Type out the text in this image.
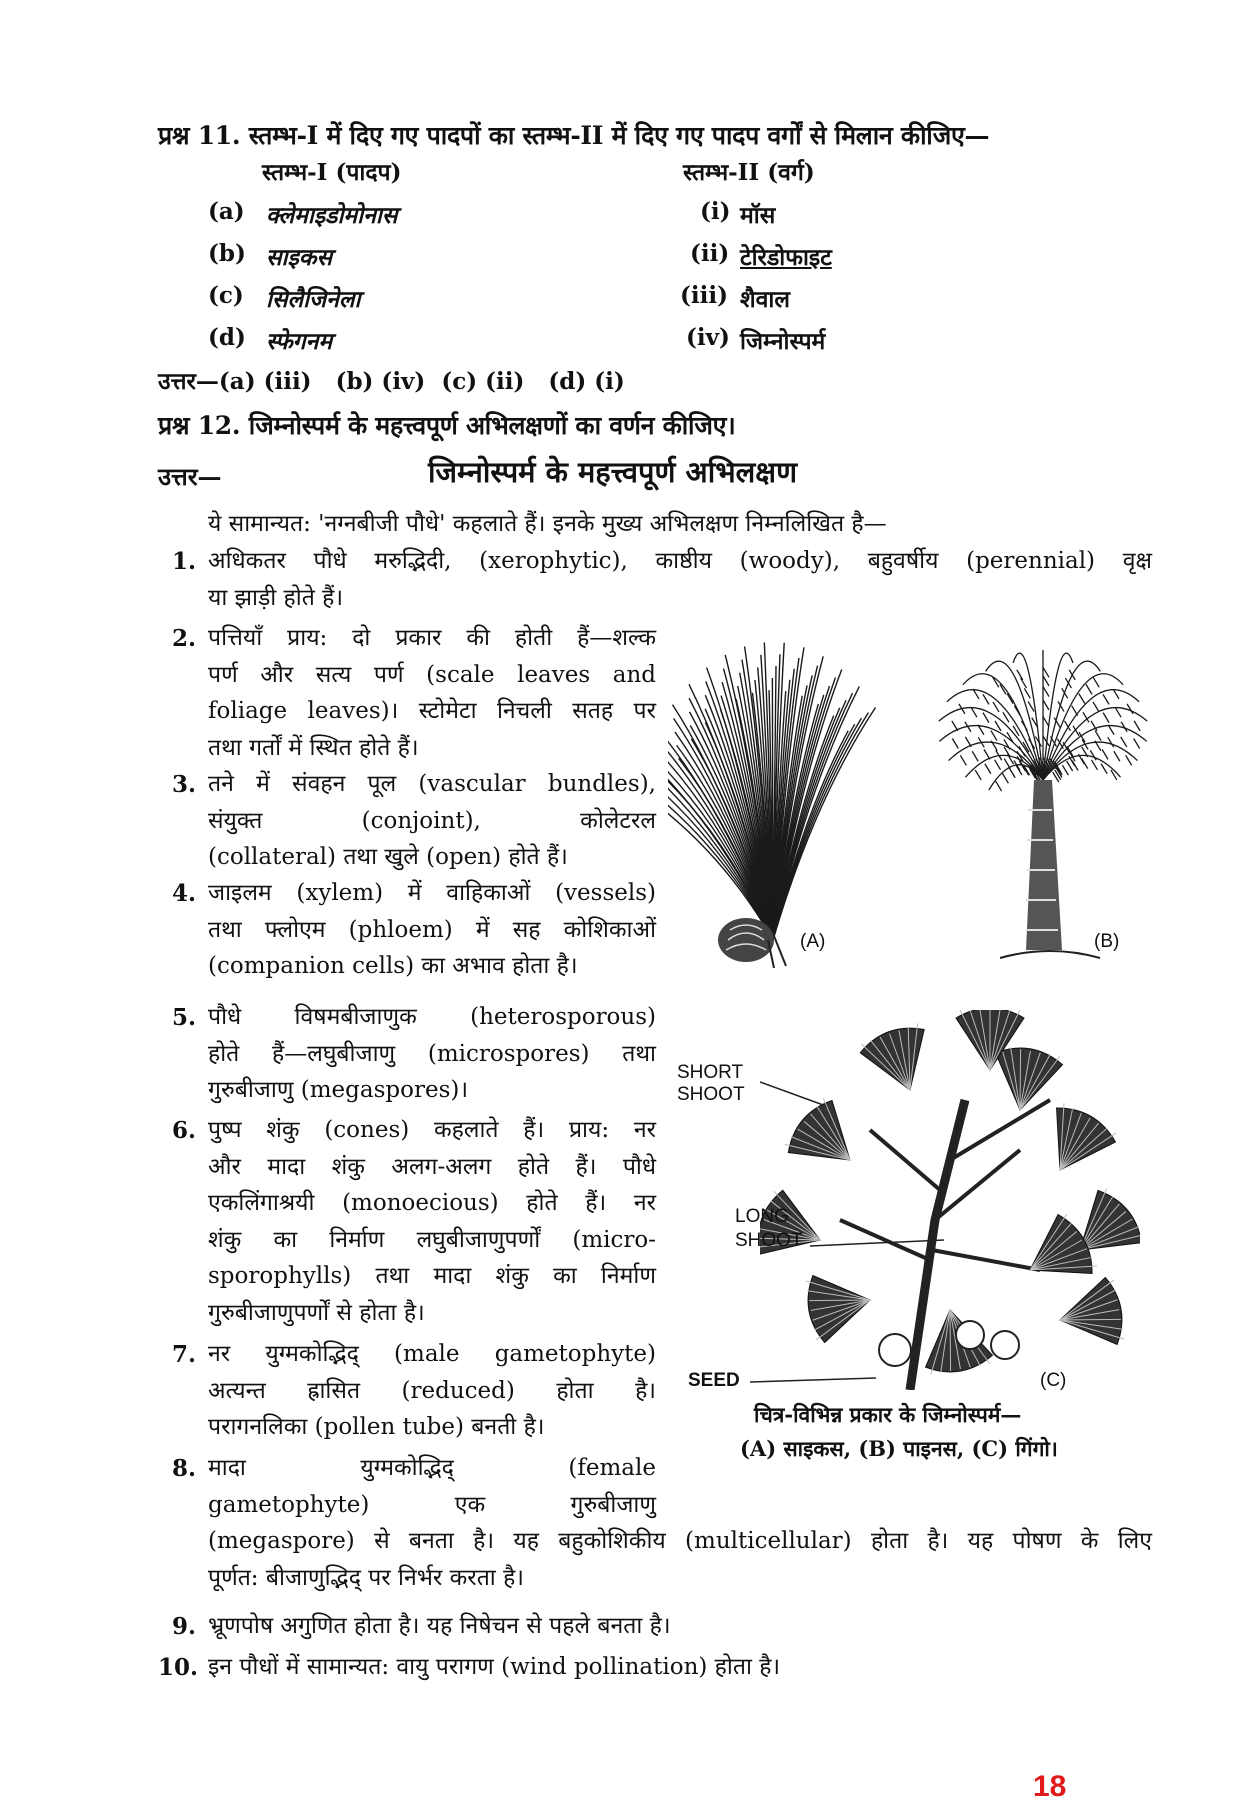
प्रश्न 11. स्तम्भ-I में दिए गए पादपों का स्तम्भ-II में दिए गए पादप वर्गों से मिलान कीजिए—
स्तम्भ-I (पादप)	स्तम्भ-II (वर्ग)
(a) क्लेमाइडोमोनास	(i) मॉस
(b) साइकस	(ii) टेरिडोफाइट
(c) सिलैजिनेला	(iii) शैवाल
(d) स्फेगनम	(iv) जिम्नोस्पर्म
उत्तर—(a) (iii)   (b) (iv)  (c) (ii)   (d) (i)
प्रश्न 12. जिम्नोस्पर्म के महत्त्वपूर्ण अभिलक्षणों का वर्णन कीजिए।
उत्तर—	जिम्नोस्पर्म के महत्त्वपूर्ण अभिलक्षण
ये सामान्यत: 'नग्नबीजी पौधे' कहलाते हैं। इनके मुख्य अभिलक्षण निम्नलिखित है—
1. अधिकतर पौधे मरुद्भिदी, (xerophytic), काष्ठीय (woody), बहुवर्षीय (perennial) वृक्ष
या झाड़ी होते हैं।
2. पत्तियाँ प्राय: दो प्रकार की होती हैं—शल्क
पर्ण और सत्य पर्ण (scale leaves and
foliage leaves)। स्टोमेटा निचली सतह पर
तथा गर्तों में स्थित होते हैं।
3. तने में संवहन पूल (vascular bundles),
संयुक्त (conjoint), कोलेटरल
(collateral) तथा खुले (open) होते हैं।
4. जाइलम (xylem) में वाहिकाओं (vessels)
तथा फ्लोएम (phloem) में सह कोशिकाओं
(companion cells) का अभाव होता है।
5. पौधे विषमबीजाणुक (heterosporous)
होते हैं—लघुबीजाणु (microspores) तथा
गुरुबीजाणु (megaspores)।
6. पुष्प शंकु (cones) कहलाते हैं। प्राय: नर
और मादा शंकु अलग-अलग होते हैं। पौधे
एकलिंगाश्रयी (monoecious) होते हैं। नर
शंकु का निर्माण लघुबीजाणुपर्णों (micro-
sporophylls) तथा मादा शंकु का निर्माण
गुरुबीजाणुपर्णों से होता है।
7. नर युग्मकोद्भिद् (male gametophyte)
अत्यन्त ह्रासित (reduced) होता है।
परागनलिका (pollen tube) बनती है।
8. मादा युग्मकोद्भिद् (female
gametophyte) एक गुरुबीजाणु
(megaspore) से बनता है। यह बहुकोशिकीय (multicellular) होता है। यह पोषण के लिए
पूर्णत: बीजाणुद्भिद् पर निर्भर करता है।
9. भ्रूणपोष अगुणित होता है। यह निषेचन से पहले बनता है।
10. इन पौधों में सामान्यत: वायु परागण (wind pollination) होता है।
(A)	(B)
SHORT
SHOOT
LONG
SHOOT
SEED	(C)
चित्र-विभिन्न प्रकार के जिम्नोस्पर्म—
(A) साइकस, (B) पाइनस, (C) गिंगो।
18
